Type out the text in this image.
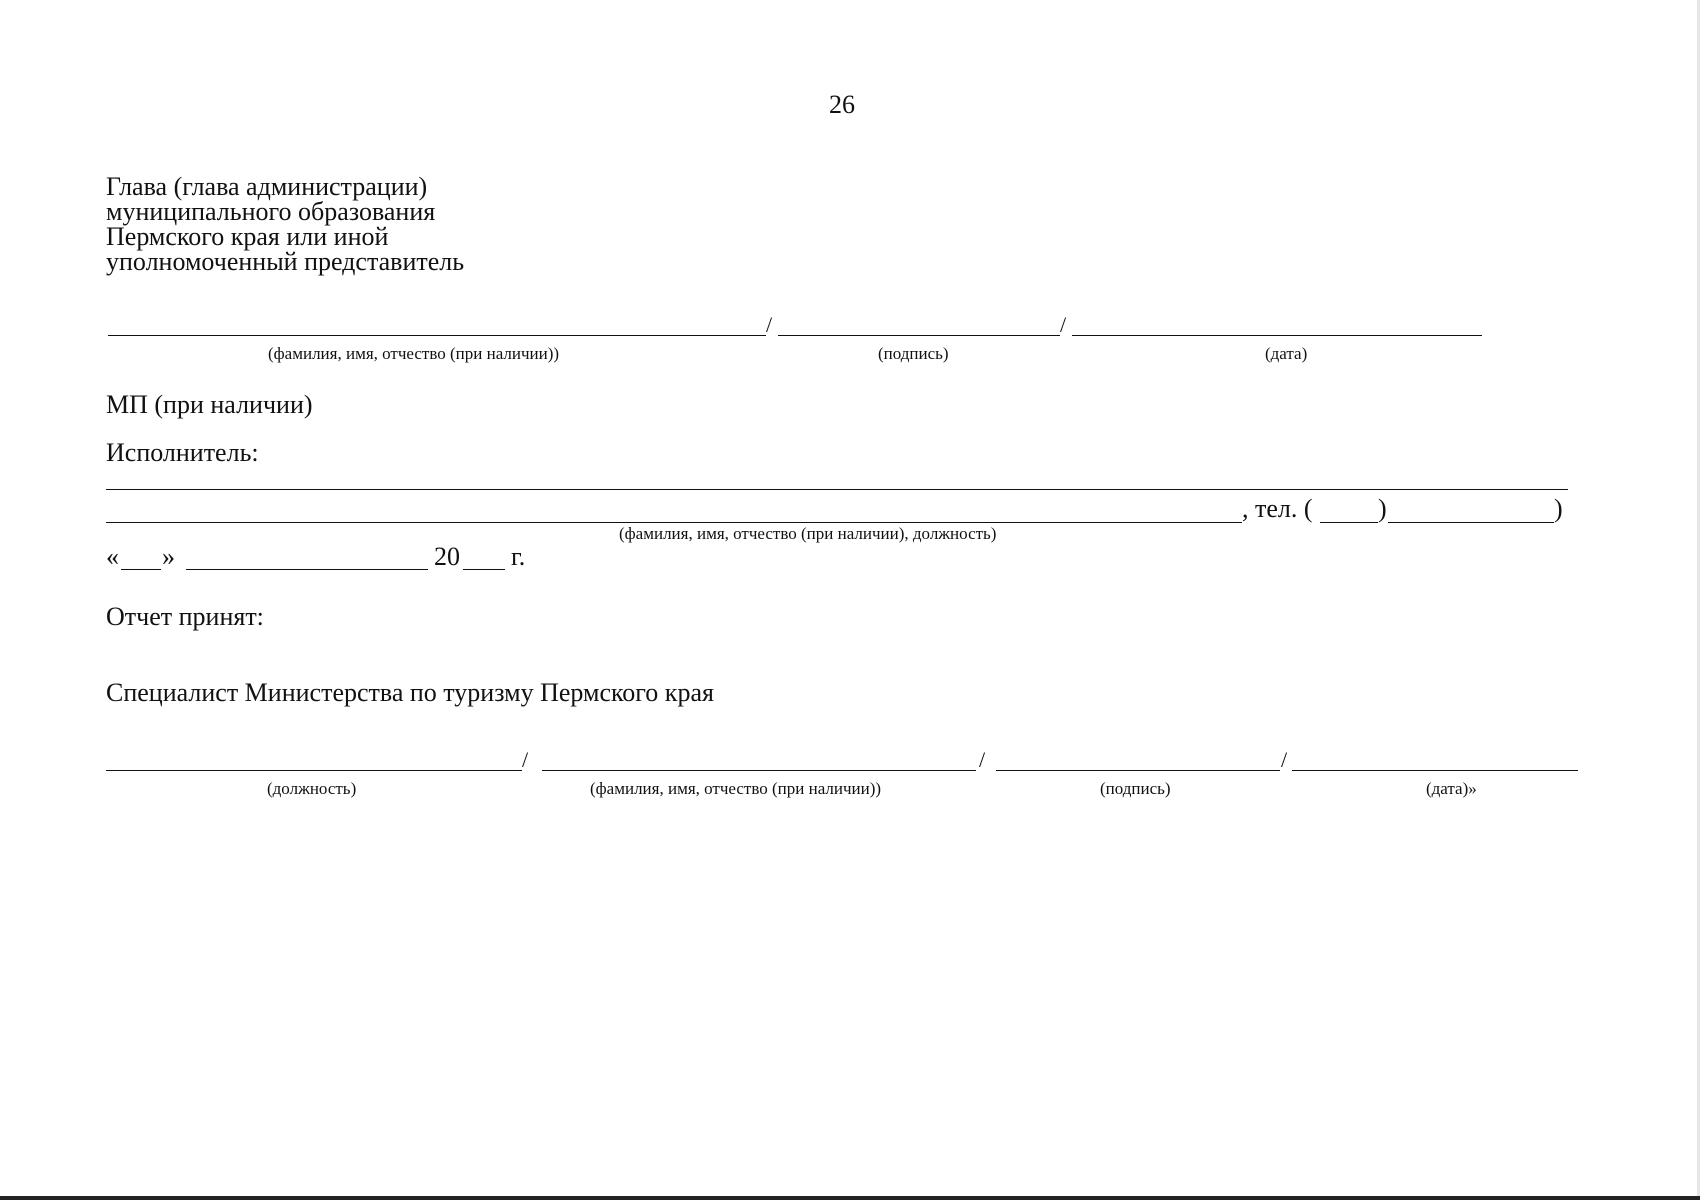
26
Глава (глава администрации)
муниципального образования
Пермского края или иной
уполномоченный представитель
/	/
(фамилия, имя, отчество (при наличии))	(подпись)	(дата)
МП (при наличии)
Исполнитель:
, тел. (	)	)
(фамилия, имя, отчество (при наличии), должность)
« »	20 г.
Отчет принят:
Специалист Министерства по туризму Пермского края
/	/	/
(должность)	(фамилия, имя, отчество (при наличии))	(подпись)	(дата)»
